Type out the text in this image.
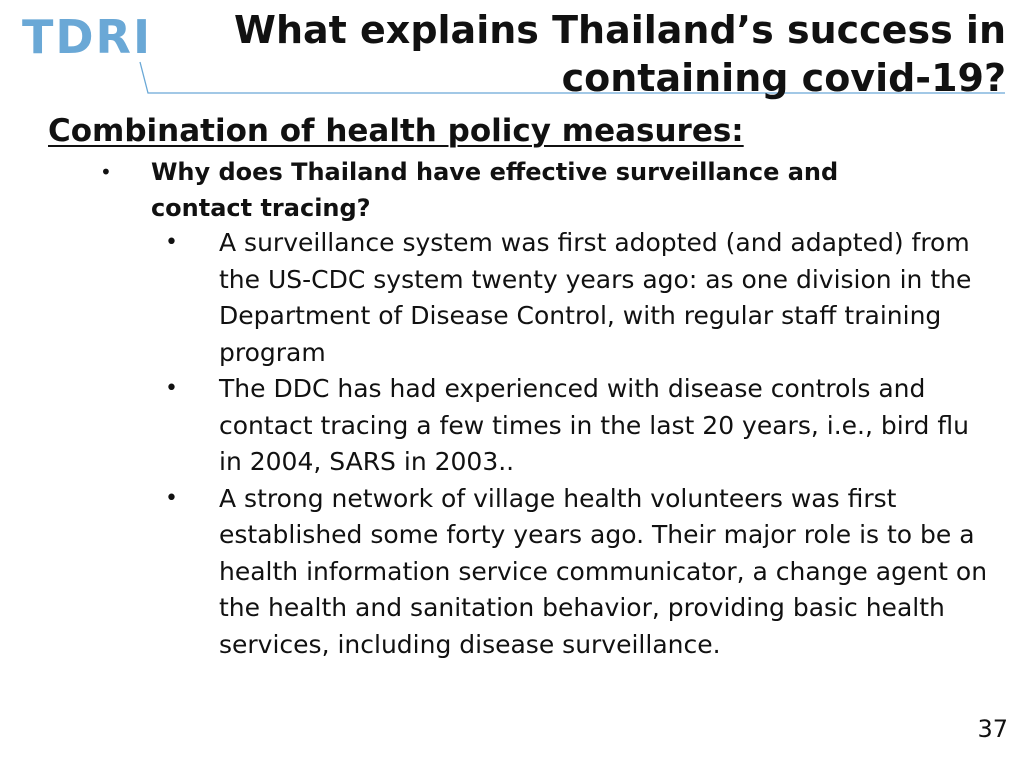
TDRI	What explains Thailand’s success in containing covid-19?
Combination of health policy measures:
•	Why does Thailand have effective surveillance and contact tracing?
•	A surveillance system was first adopted (and adapted) from the US-CDC system twenty years ago: as one division in the Department of Disease Control, with regular staff training program
•	The DDC has had experienced with disease controls and contact tracing a few times in the last 20 years, i.e., bird flu in 2004, SARS in 2003..
•	A strong network of village health volunteers was first established some forty years ago. Their major role is to be a health information service communicator, a change agent on the health and sanitation behavior, providing basic health services, including disease surveillance.
37
